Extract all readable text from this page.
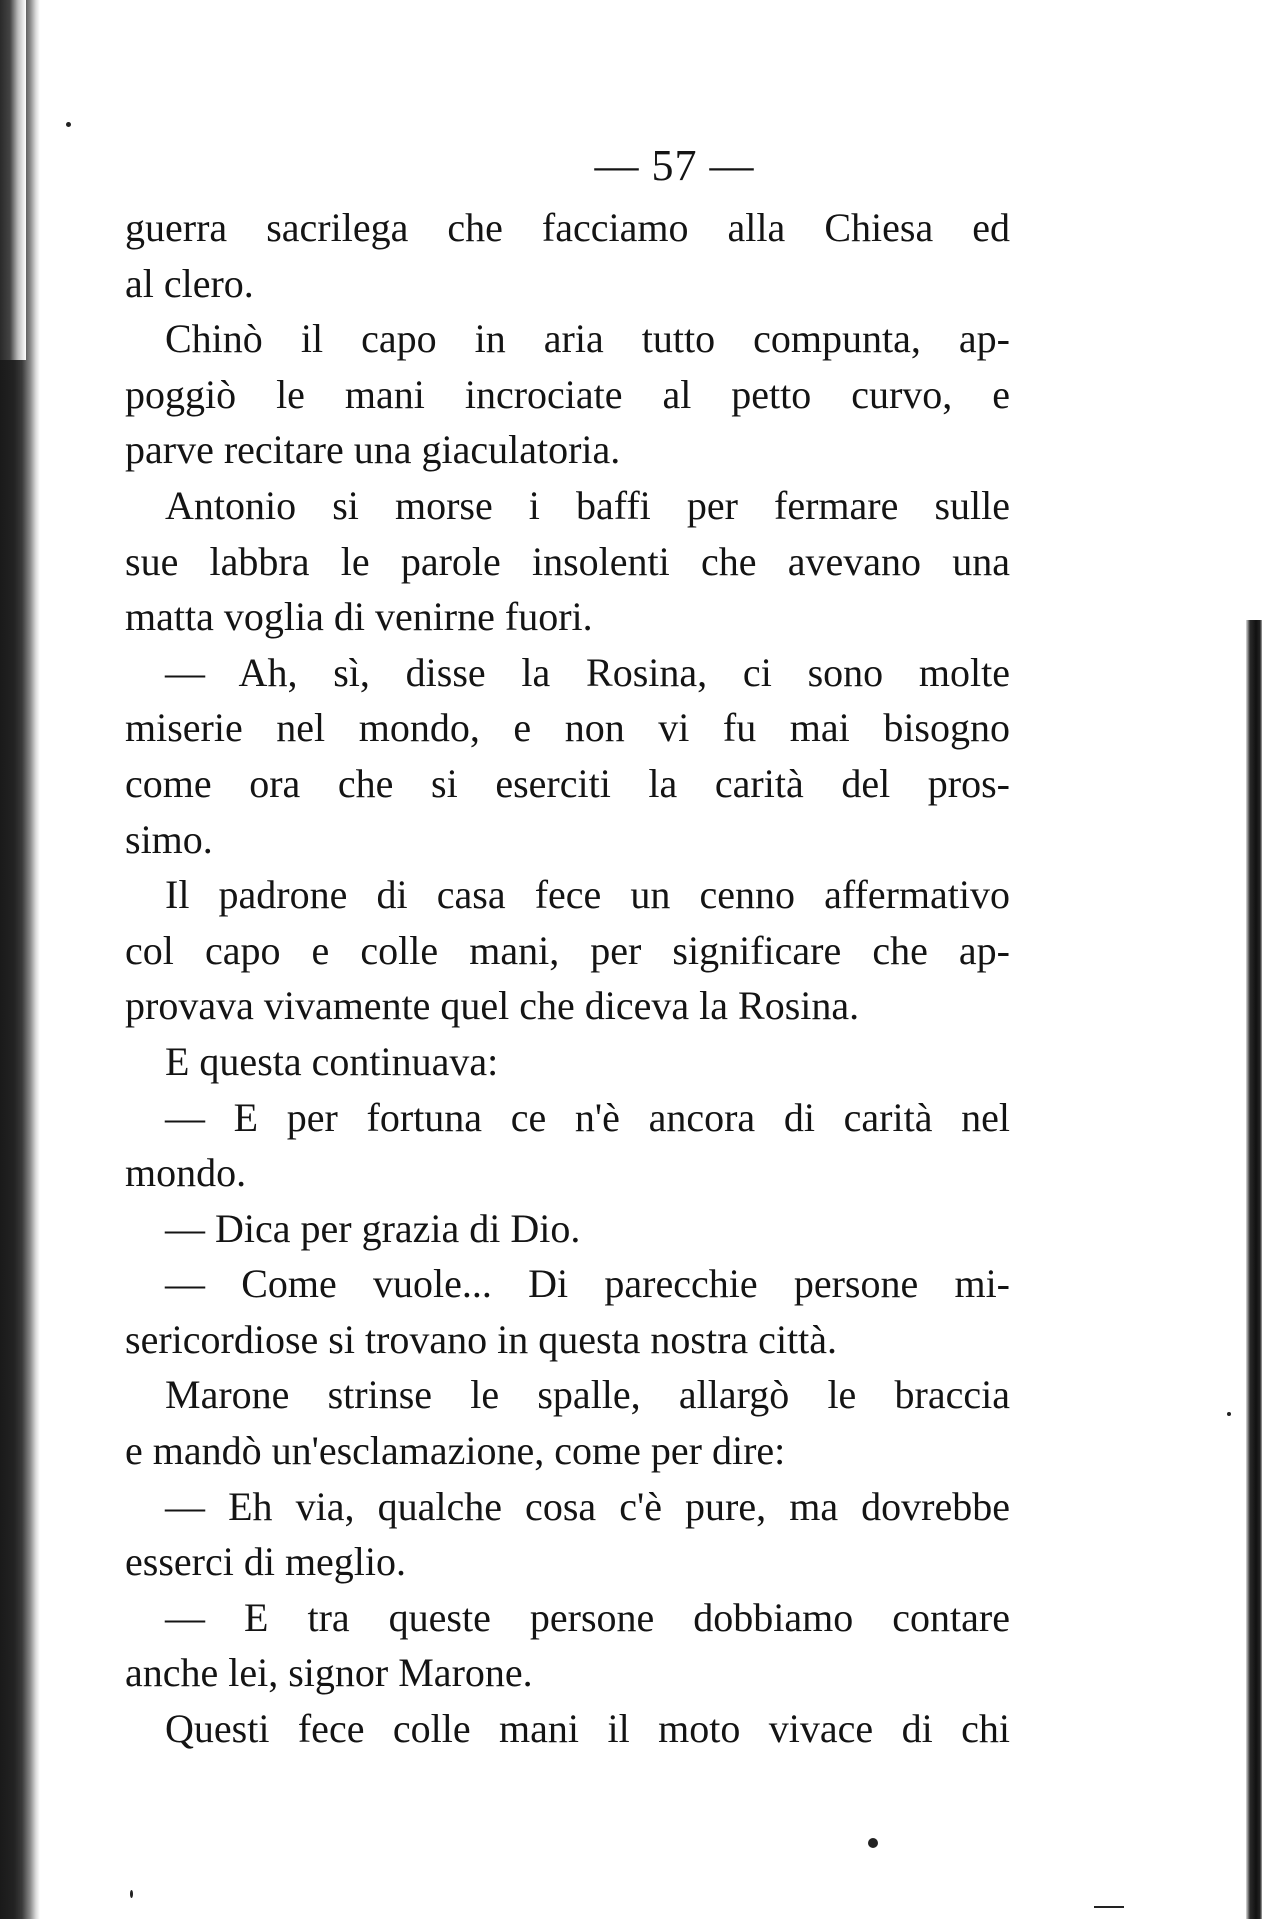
— 57 —
guerra sacrilega che facciamo alla Chiesa ed
al clero.
Chinò il capo in aria tutto compunta, ap-
poggiò le mani incrociate al petto curvo, e
parve recitare una giaculatoria.
Antonio si morse i baffi per fermare sulle
sue labbra le parole insolenti che avevano una
matta voglia di venirne fuori.
— Ah, sì, disse la Rosina, ci sono molte
miserie nel mondo, e non vi fu mai bisogno
come ora che si eserciti la carità del pros-
simo.
Il padrone di casa fece un cenno affermativo
col capo e colle mani, per significare che ap-
provava vivamente quel che diceva la Rosina.
E questa continuava:
— E per fortuna ce n'è ancora di carità nel
mondo.
— Dica per grazia di Dio.
— Come vuole... Di parecchie persone mi-
sericordiose si trovano in questa nostra città.
Marone strinse le spalle, allargò le braccia
e mandò un'esclamazione, come per dire:
— Eh via, qualche cosa c'è pure, ma dovrebbe
esserci di meglio.
— E tra queste persone dobbiamo contare
anche lei, signor Marone.
Questi fece colle mani il moto vivace di chi
